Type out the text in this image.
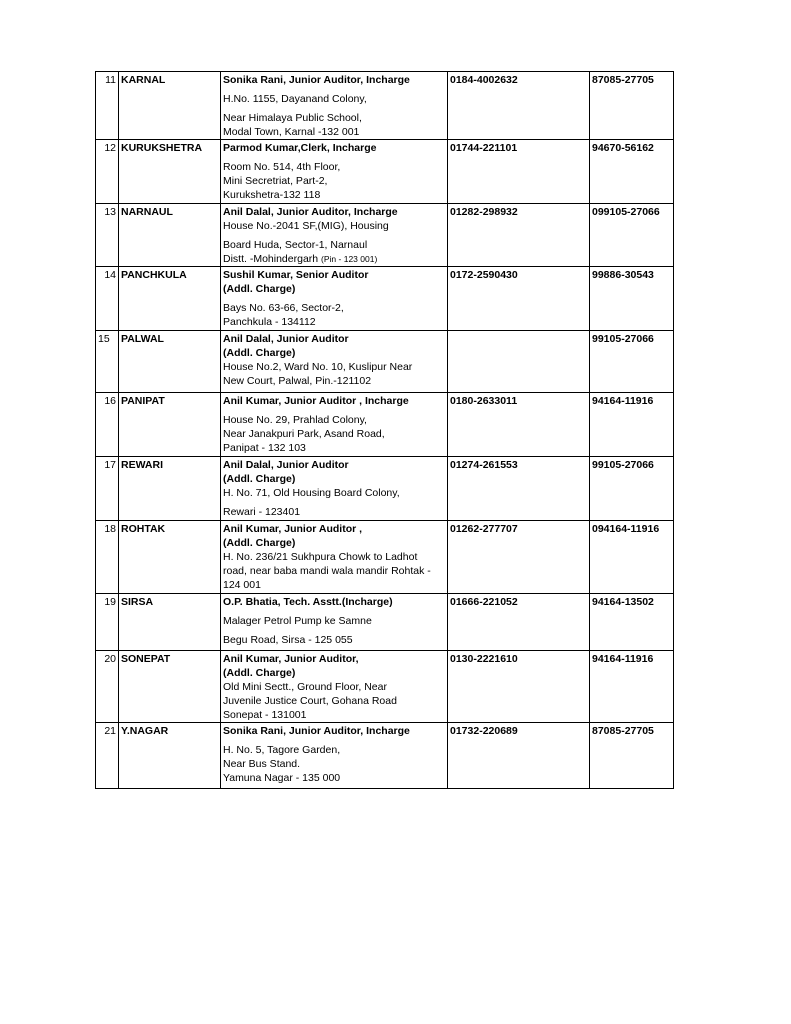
11	KARNAL	Sonika Rani, Junior Auditor, Incharge
H.No. 1155, Dayanand Colony,
Near Himalaya Public School,
Modal Town, Karnal -132 001	0184-4002632	87085-27705
12	KURUKSHETRA	Parmod Kumar,Clerk, Incharge
Room No. 514, 4th Floor,
Mini Secretriat, Part-2,
Kurukshetra-132 118	01744-221101	94670-56162
13	NARNAUL	Anil Dalal, Junior Auditor, Incharge
House No.-2041 SF,(MIG), Housing
Board Huda, Sector-1, Narnaul
Distt. -Mohindergarh (Pin - 123 001)	01282-298932	099105-27066
14	PANCHKULA	Sushil Kumar, Senior Auditor
(Addl. Charge)
Bays No. 63-66, Sector-2,
Panchkula - 134112	0172-2590430	99886-30543
15	PALWAL	Anil Dalal, Junior Auditor
(Addl. Charge)
House No.2, Ward No. 10, Kuslipur Near
New Court, Palwal, Pin.-121102		99105-27066
16	PANIPAT	Anil Kumar, Junior Auditor , Incharge
House No. 29, Prahlad Colony,
Near Janakpuri Park, Asand Road,
Panipat - 132 103	0180-2633011	94164-11916
17	REWARI	Anil Dalal, Junior Auditor
(Addl. Charge)
H. No. 71, Old Housing Board Colony,
Rewari - 123401	01274-261553	99105-27066
18	ROHTAK	Anil Kumar, Junior Auditor ,
(Addl. Charge)
H. No. 236/21 Sukhpura Chowk to Ladhot
road, near baba mandi wala mandir Rohtak -
124 001	01262-277707	094164-11916
19	SIRSA	O.P. Bhatia, Tech. Asstt.(Incharge)
Malager Petrol Pump ke Samne
Begu Road, Sirsa - 125 055	01666-221052	94164-13502
20	SONEPAT	Anil Kumar, Junior Auditor,
(Addl. Charge)
Old Mini Sectt., Ground Floor, Near
Juvenile Justice Court, Gohana Road
Sonepat - 131001	0130-2221610	94164-11916
21	Y.NAGAR	Sonika Rani, Junior Auditor, Incharge
H. No. 5, Tagore Garden,
Near Bus Stand.
Yamuna Nagar - 135 000	01732-220689	87085-27705
